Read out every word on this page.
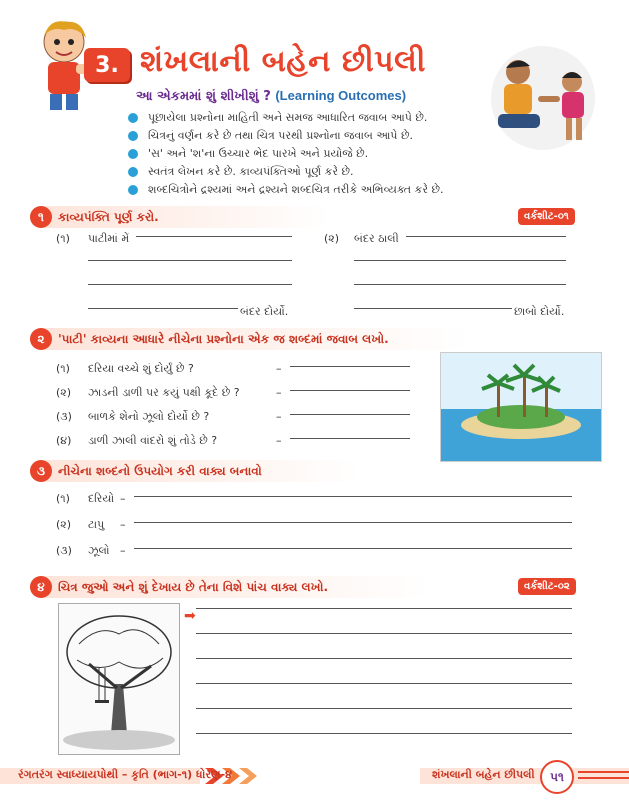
3. શંખલાની બહેન છીપલી
આ એકમમાં શું શીખીશું ? (Learning Outcomes)
પૂછાયેલા પ્રશ્નોના માહિતી અને સમજ આધારિત જવાબ આપે છે.
ચિત્રનું વર્ણન કરે છે તથા ચિત્ર પરથી પ્રશ્નોના જવાબ આપે છે.
'સ' અને 'શ'ના ઉચ્ચાર ભેદ પારખે અને પ્રયોજે છે.
સ્વતંત્ર લેખન કરે છે. કાવ્યપંક્તિઓ પૂર્ણ કરે છે.
શબ્દચિત્રોને દ્રશ્યમાં અને દ્રશ્યને શબ્દચિત્ર તરીકે અભિવ્યક્ત કરે છે.
૧	કાવ્યપંક્તિ પૂર્ણ કરો.	વર્કશીટ-૦૧
(૧) પાટીમાં મેં	(૨) બંદર ઠાલી
બંદર દોર્યો.	છાબો દોર્યો.
૨	'પાટી' કાવ્યના આધારે નીચેના પ્રશ્નોના એક જ શબ્દમાં જવાબ લખો.
(૧) દરિયા વચ્ચે શું દોર્યું છે ?	–
(૨) ઝાડની ડાળી પર કયું પક્ષી કૂદે છે ?	–
(૩) બાળકે શેનો ઝૂલો દોર્યો છે ?	–
(૪) ડાળી ઝાલી વાંદરો શું તોડે છે ?	–
૩	નીચેના શબ્દનો ઉપયોગ કરી વાક્ય બનાવો
(૧) દરિયો –
(૨) ટાપુ –
(૩) ઝૂલો –
૪	ચિત્ર જુઓ અને શું દેખાય છે તેના વિશે પાંચ વાક્ય લખો.	વર્કશીટ-૦૨
➡
રંગતરંગ સ્વાધ્યાયપોથી – કૃતિ (ભાગ-૧) ધોરણ-૪	શંખલાની બહેન છીપલી	૫૧
